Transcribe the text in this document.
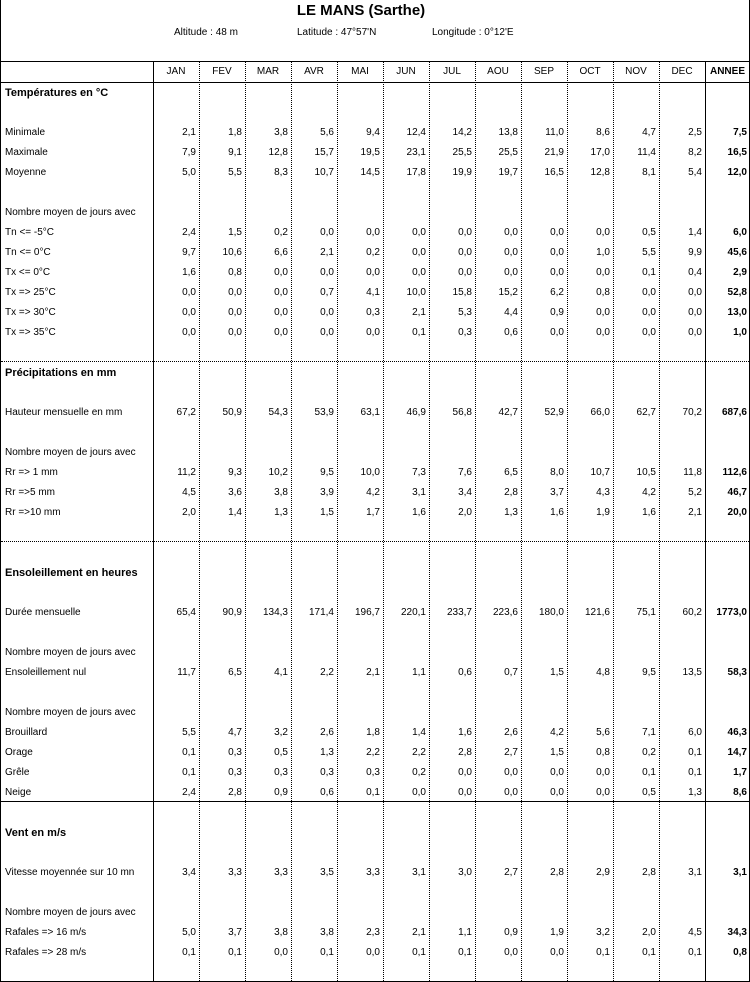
LE MANS (Sarthe)
Altitude : 48 m	Latitude : 47°57'N	Longitude : 0°12'E
JAN	FEV	MAR	AVR	MAI	JUN	JUL	AOU	SEP	OCT	NOV	DEC	ANNEE
Températures en °C
Minimale	2,1	1,8	3,8	5,6	9,4	12,4	14,2	13,8	11,0	8,6	4,7	2,5	7,5
Maximale	7,9	9,1	12,8	15,7	19,5	23,1	25,5	25,5	21,9	17,0	11,4	8,2	16,5
Moyenne	5,0	5,5	8,3	10,7	14,5	17,8	19,9	19,7	16,5	12,8	8,1	5,4	12,0
Nombre moyen de jours avec
Tn <= -5°C	2,4	1,5	0,2	0,0	0,0	0,0	0,0	0,0	0,0	0,0	0,5	1,4	6,0
Tn <= 0°C	9,7	10,6	6,6	2,1	0,2	0,0	0,0	0,0	0,0	1,0	5,5	9,9	45,6
Tx <= 0°C	1,6	0,8	0,0	0,0	0,0	0,0	0,0	0,0	0,0	0,0	0,1	0,4	2,9
Tx => 25°C	0,0	0,0	0,0	0,7	4,1	10,0	15,8	15,2	6,2	0,8	0,0	0,0	52,8
Tx => 30°C	0,0	0,0	0,0	0,0	0,3	2,1	5,3	4,4	0,9	0,0	0,0	0,0	13,0
Tx => 35°C	0,0	0,0	0,0	0,0	0,0	0,1	0,3	0,6	0,0	0,0	0,0	0,0	1,0
Précipitations en mm
Hauteur mensuelle en mm	67,2	50,9	54,3	53,9	63,1	46,9	56,8	42,7	52,9	66,0	62,7	70,2	687,6
Nombre moyen de jours avec
Rr => 1 mm	11,2	9,3	10,2	9,5	10,0	7,3	7,6	6,5	8,0	10,7	10,5	11,8	112,6
Rr =>5 mm	4,5	3,6	3,8	3,9	4,2	3,1	3,4	2,8	3,7	4,3	4,2	5,2	46,7
Rr =>10 mm	2,0	1,4	1,3	1,5	1,7	1,6	2,0	1,3	1,6	1,9	1,6	2,1	20,0
Ensoleillement en heures
Durée mensuelle	65,4	90,9	134,3	171,4	196,7	220,1	233,7	223,6	180,0	121,6	75,1	60,2	1773,0
Nombre moyen de jours avec
Ensoleillement nul	11,7	6,5	4,1	2,2	2,1	1,1	0,6	0,7	1,5	4,8	9,5	13,5	58,3
Nombre moyen de jours avec
Brouillard	5,5	4,7	3,2	2,6	1,8	1,4	1,6	2,6	4,2	5,6	7,1	6,0	46,3
Orage	0,1	0,3	0,5	1,3	2,2	2,2	2,8	2,7	1,5	0,8	0,2	0,1	14,7
Grêle	0,1	0,3	0,3	0,3	0,3	0,2	0,0	0,0	0,0	0,0	0,1	0,1	1,7
Neige	2,4	2,8	0,9	0,6	0,1	0,0	0,0	0,0	0,0	0,0	0,5	1,3	8,6
Vent en m/s
Vitesse moyennée sur 10 mn	3,4	3,3	3,3	3,5	3,3	3,1	3,0	2,7	2,8	2,9	2,8	3,1	3,1
Nombre moyen de jours avec
Rafales => 16 m/s	5,0	3,7	3,8	3,8	2,3	2,1	1,1	0,9	1,9	3,2	2,0	4,5	34,3
Rafales => 28 m/s	0,1	0,1	0,0	0,1	0,0	0,1	0,1	0,0	0,0	0,1	0,1	0,1	0,8
